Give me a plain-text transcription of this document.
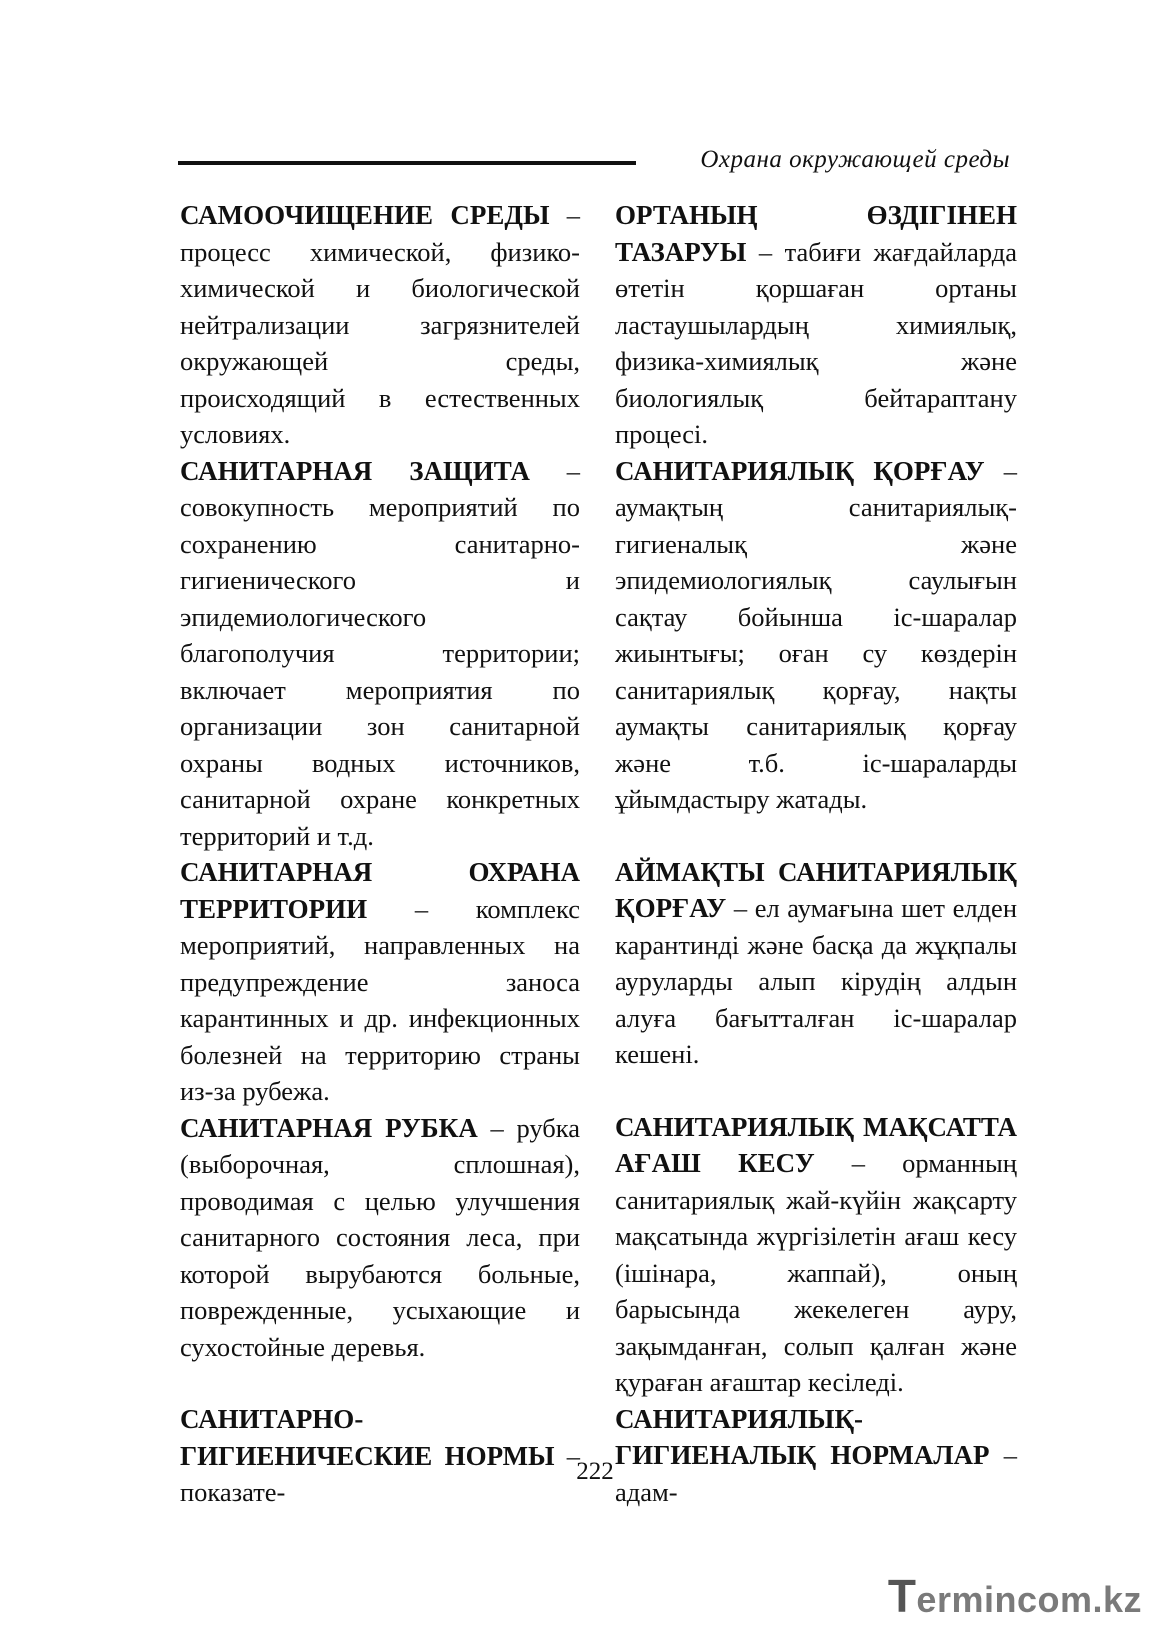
Охрана окружающей среды

САМООЧИЩЕНИЕ СРЕДЫ – процесс химической, физико-химической и биологической нейтрализации загрязнителей окружающей среды, происходящий в естественных условиях.

САНИТАРНАЯ ЗАЩИТА – совокупность мероприятий по сохранению санитарно-гигиенического и эпидемиологического благополучия территории; включает мероприятия по организации зон санитарной охраны водных источников, санитарной охране конкретных территорий и т.д.

САНИТАРНАЯ ОХРАНА ТЕРРИТОРИИ – комплекс мероприятий, направленных на предупреждение заноса карантинных и др. инфекционных болезней на территорию страны из-за рубежа.

САНИТАРНАЯ РУБКА – рубка (выборочная, сплошная), проводимая с целью улучшения санитарного состояния леса, при которой вырубаются больные, поврежденные, усыхающие и сухостойные деревья.

САНИТАРНО-ГИГИЕНИЧЕСКИЕ НОРМЫ – показате-

ОРТАНЫҢ ӨЗДІГІНЕН ТАЗАРУЫ – табиғи жағдайларда өтетін қоршаған ортаны ластаушылардың химиялық, физика-химиялық және биологиялық бейтараптану процесі.

САНИТАРИЯЛЫҚ ҚОРҒАУ – аумақтың санитариялық-гигиеналық және эпидемиологиялық саулығын сақтау бойынша іс-шаралар жиынтығы; оған су көздерін санитариялық қорғау, нақты аумақты санитариялық қорғау және т.б. іс-шараларды ұйымдастыру жатады.

АЙМАҚТЫ САНИТАРИЯЛЫҚ ҚОРҒАУ – ел аумағына шет елден карантинді және басқа да жұқпалы ауруларды алып кірудің алдын алуға бағытталған іс-шаралар кешені.

САНИТАРИЯЛЫҚ МАҚСАТТА АҒАШ КЕСУ – орманның санитариялық жай-күйін жақсарту мақсатында жүргізілетін ағаш кесу (ішінара, жаппай), оның барысында жекелеген ауру, зақымданған, солып қалған және қураған ағаштар кесіледі.

САНИТАРИЯЛЫҚ-ГИГИЕНАЛЫҚ НОРМАЛАР – адам-

222
Termincom.kz
